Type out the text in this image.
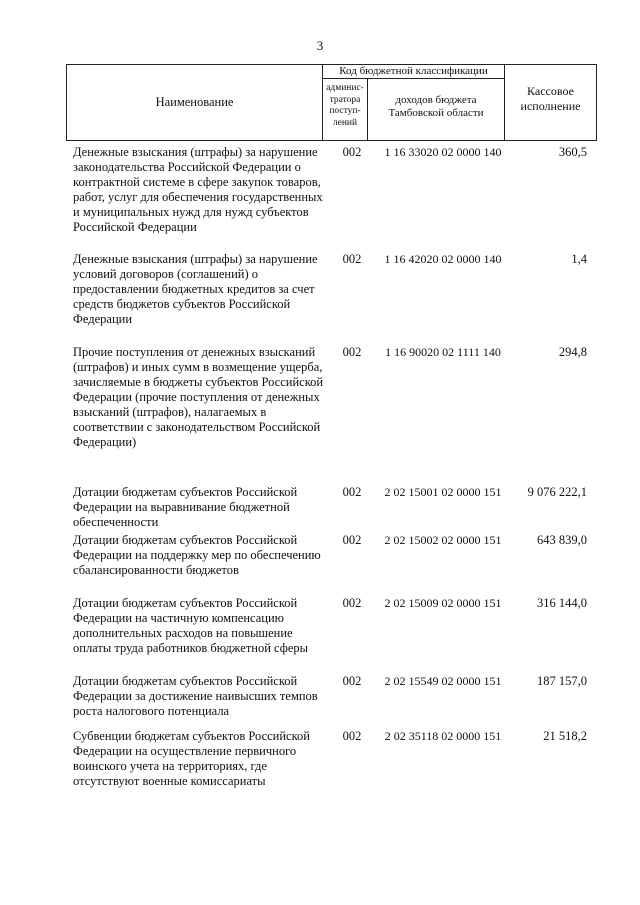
3
Наименование
Код бюджетной классификации
админис-тратора поступ-лений
доходов бюджета Тамбовской области
Кассовое исполнение
Денежные взыскания (штрафы) за нарушение законодательства Российской Федерации о контрактной системе в сфере закупок товаров, работ, услуг для обеспечения государственных и муниципальных нужд для нужд субъектов Российской Федерации
002	1 16 33020 02 0000 140	360,5
Денежные взыскания (штрафы) за нарушение условий договоров (соглашений) о предоставлении бюджетных кредитов за счет средств бюджетов субъектов Российской Федерации
002	1 16 42020 02 0000 140	1,4
Прочие поступления от денежных взысканий (штрафов) и иных сумм в возмещение ущерба, зачисляемые в бюджеты субъектов Российской Федерации (прочие поступления от денежных взысканий (штрафов), налагаемых в соответствии с законодательством Российской Федерации)
002	1 16 90020 02 1111 140	294,8
Дотации бюджетам субъектов Российской Федерации на выравнивание бюджетной обеспеченности
002	2 02 15001 02 0000 151	9 076 222,1
Дотации бюджетам субъектов Российской Федерации на поддержку мер по обеспечению сбалансированности бюджетов
002	2 02 15002 02 0000 151	643 839,0
Дотации бюджетам субъектов Российской Федерации на частичную компенсацию дополнительных расходов на повышение оплаты труда работников бюджетной сферы
002	2 02 15009 02 0000 151	316 144,0
Дотации бюджетам субъектов Российской Федерации за достижение наивысших темпов роста налогового потенциала
002	2 02 15549 02 0000 151	187 157,0
Субвенции бюджетам субъектов Российской Федерации на осуществление первичного воинского учета на территориях, где отсутствуют военные комиссариаты
002	2 02 35118 02 0000 151	21 518,2
